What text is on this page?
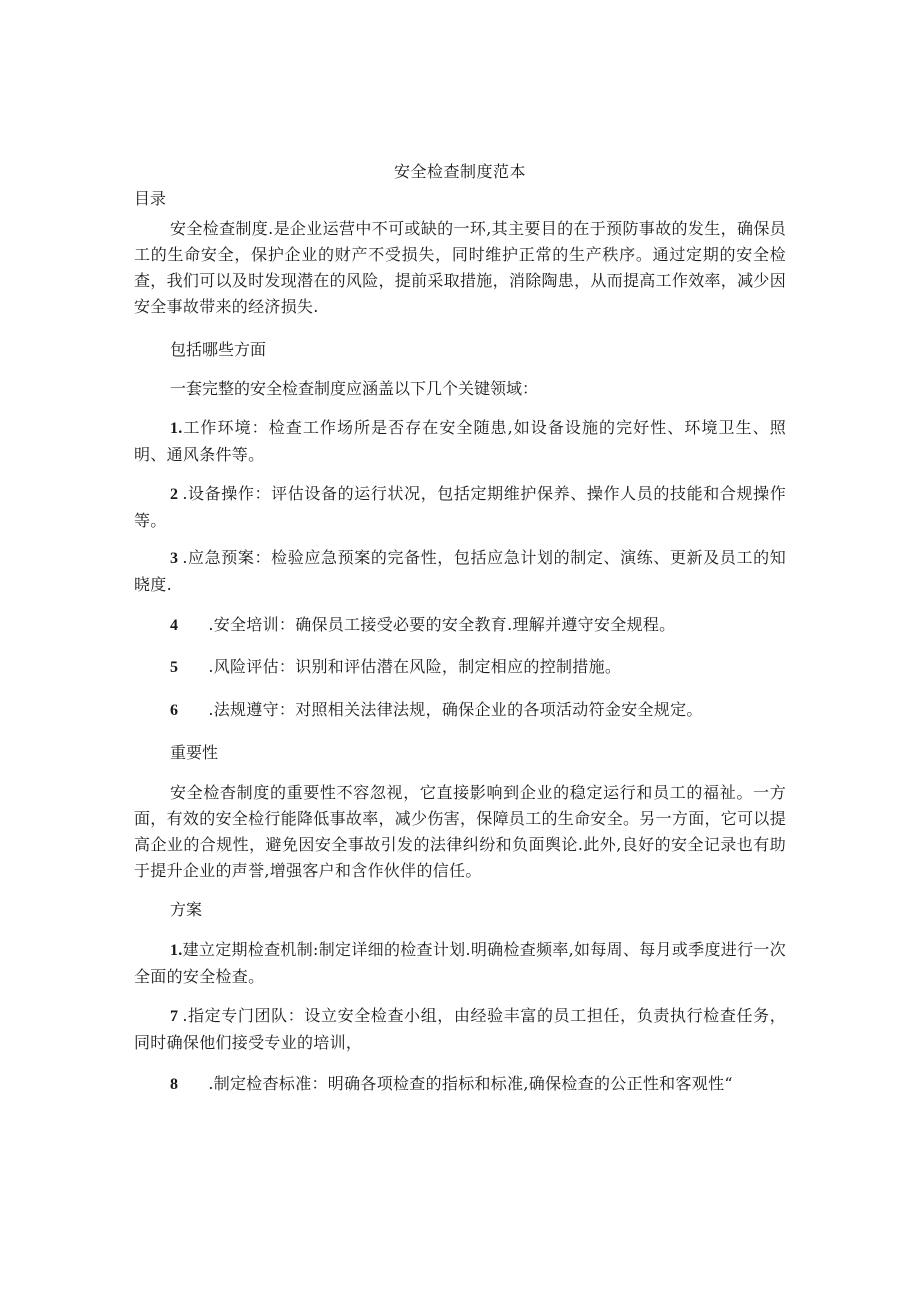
安全检查制度范本
目录

安全检查制度.是企业运营中不可或缺的一环,其主要目的在于预防事故的发生，确保员工的生命安全，保护企业的财产不受损失，同时维护正常的生产秩序。通过定期的安全检查，我们可以及时发现潜在的风险，提前采取措施，消除陶患，从而提高工作效率，减少因安全事故带来的经济损失.

包括哪些方面
一套完整的安全检查制度应涵盖以下几个关键领域：

1.工作环境：检查工作场所是否存在安全随患,如设备设施的完好性、环境卫生、照明、通风条件等。

2 .设备操作：评估设备的运行状况，包括定期维护保养、操作人员的技能和合规操作等。

3 .应急预案：检验应急预案的完备性，包括应急计划的制定、演练、更新及员工的知晓度.

4 .安全培训：确保员工接受必要的安全教育.理解并遵守安全规程。

5 .风险评估：识别和评估潜在风险，制定相应的控制措施。

6 .法规遵守：对照相关法律法规，确保企业的各项活动符金安全规定。

重要性

安全检杳制度的重要性不容忽视，它直接影响到企业的稳定运行和员工的福祉。一方面，有效的安全检行能降低事故率，减少伤害，保障员工的生命安全。另一方面，它可以提高企业的合规性，避免因安全事故引发的法律纠纷和负面舆论.此外,良好的安全记录也有助于提升企业的声誉,增强客户和含作伙伴的信任。

方案

1.建立定期检查机制:制定详细的检查计划.明确检查频率,如每周、每月或季度进行一次全面的安全检查。

7 .指定专门团队：设立安全检查小组，由经验丰富的员工担任，负责执行检查任务，同时确保他们接受专业的培训，

8 .制定检杳标准：明确各项检查的指标和标准,确保检查的公正性和客观性“
